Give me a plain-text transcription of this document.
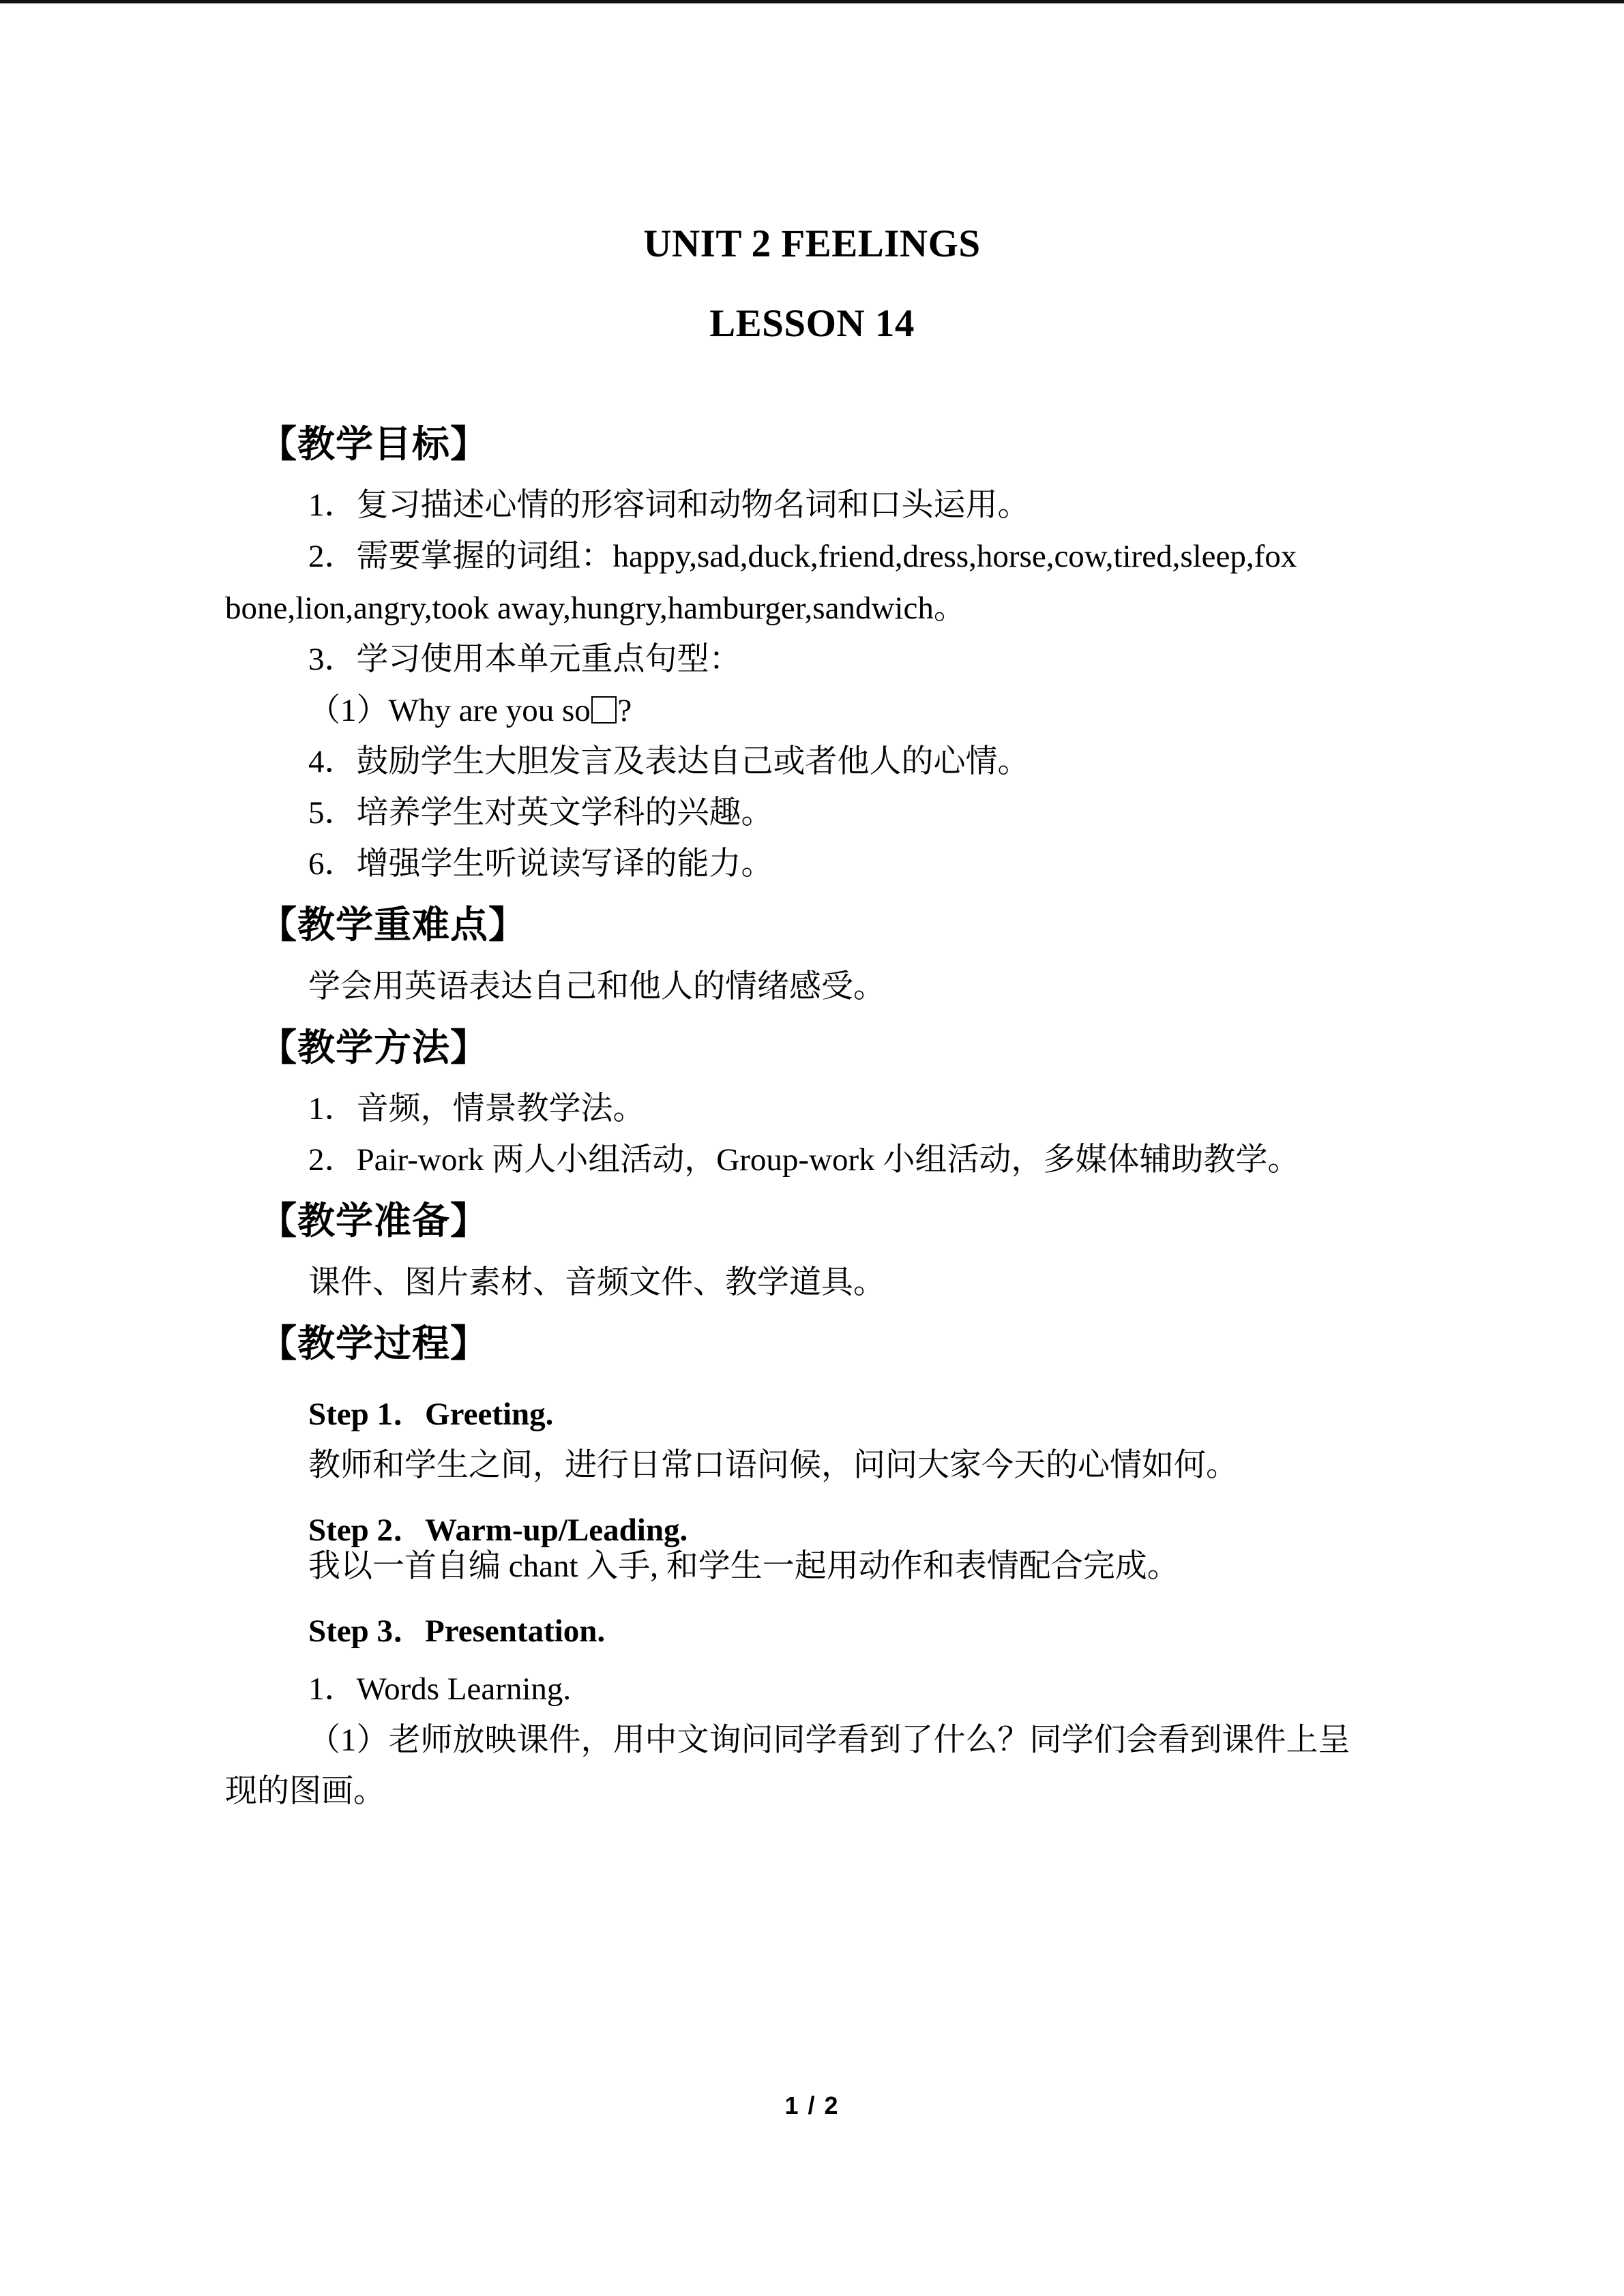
UNIT 2 FEELINGS
LESSON 14
【教学目标】
1．复习描述心情的形容词和动物名词和口头运用。
2．需要掌握的词组：happy,sad,duck,friend,dress,horse,cow,tired,sleep,fox
bone,lion,angry,took away,hungry,hamburger,sandwich。
3．学习使用本单元重点句型：
（1）Why are you so ?
4．鼓励学生大胆发言及表达自己或者他人的心情。
5．培养学生对英文学科的兴趣。
6．增强学生听说读写译的能力。
【教学重难点】
学会用英语表达自己和他人的情绪感受。
【教学方法】
1．音频，情景教学法。
2．Pair-work 两人小组活动，Group-work 小组活动，多媒体辅助教学。
【教学准备】
课件、图片素材、音频文件、教学道具。
【教学过程】
Step 1．Greeting.
教师和学生之间，进行日常口语问候，问问大家今天的心情如何。
Step 2．Warm-up/Leading.
我以一首自编 chant 入手, 和学生一起用动作和表情配合完成。
Step 3．Presentation.
1．Words Learning.
（1）老师放映课件，用中文询问同学看到了什么？同学们会看到课件上呈
现的图画。
1 / 2
